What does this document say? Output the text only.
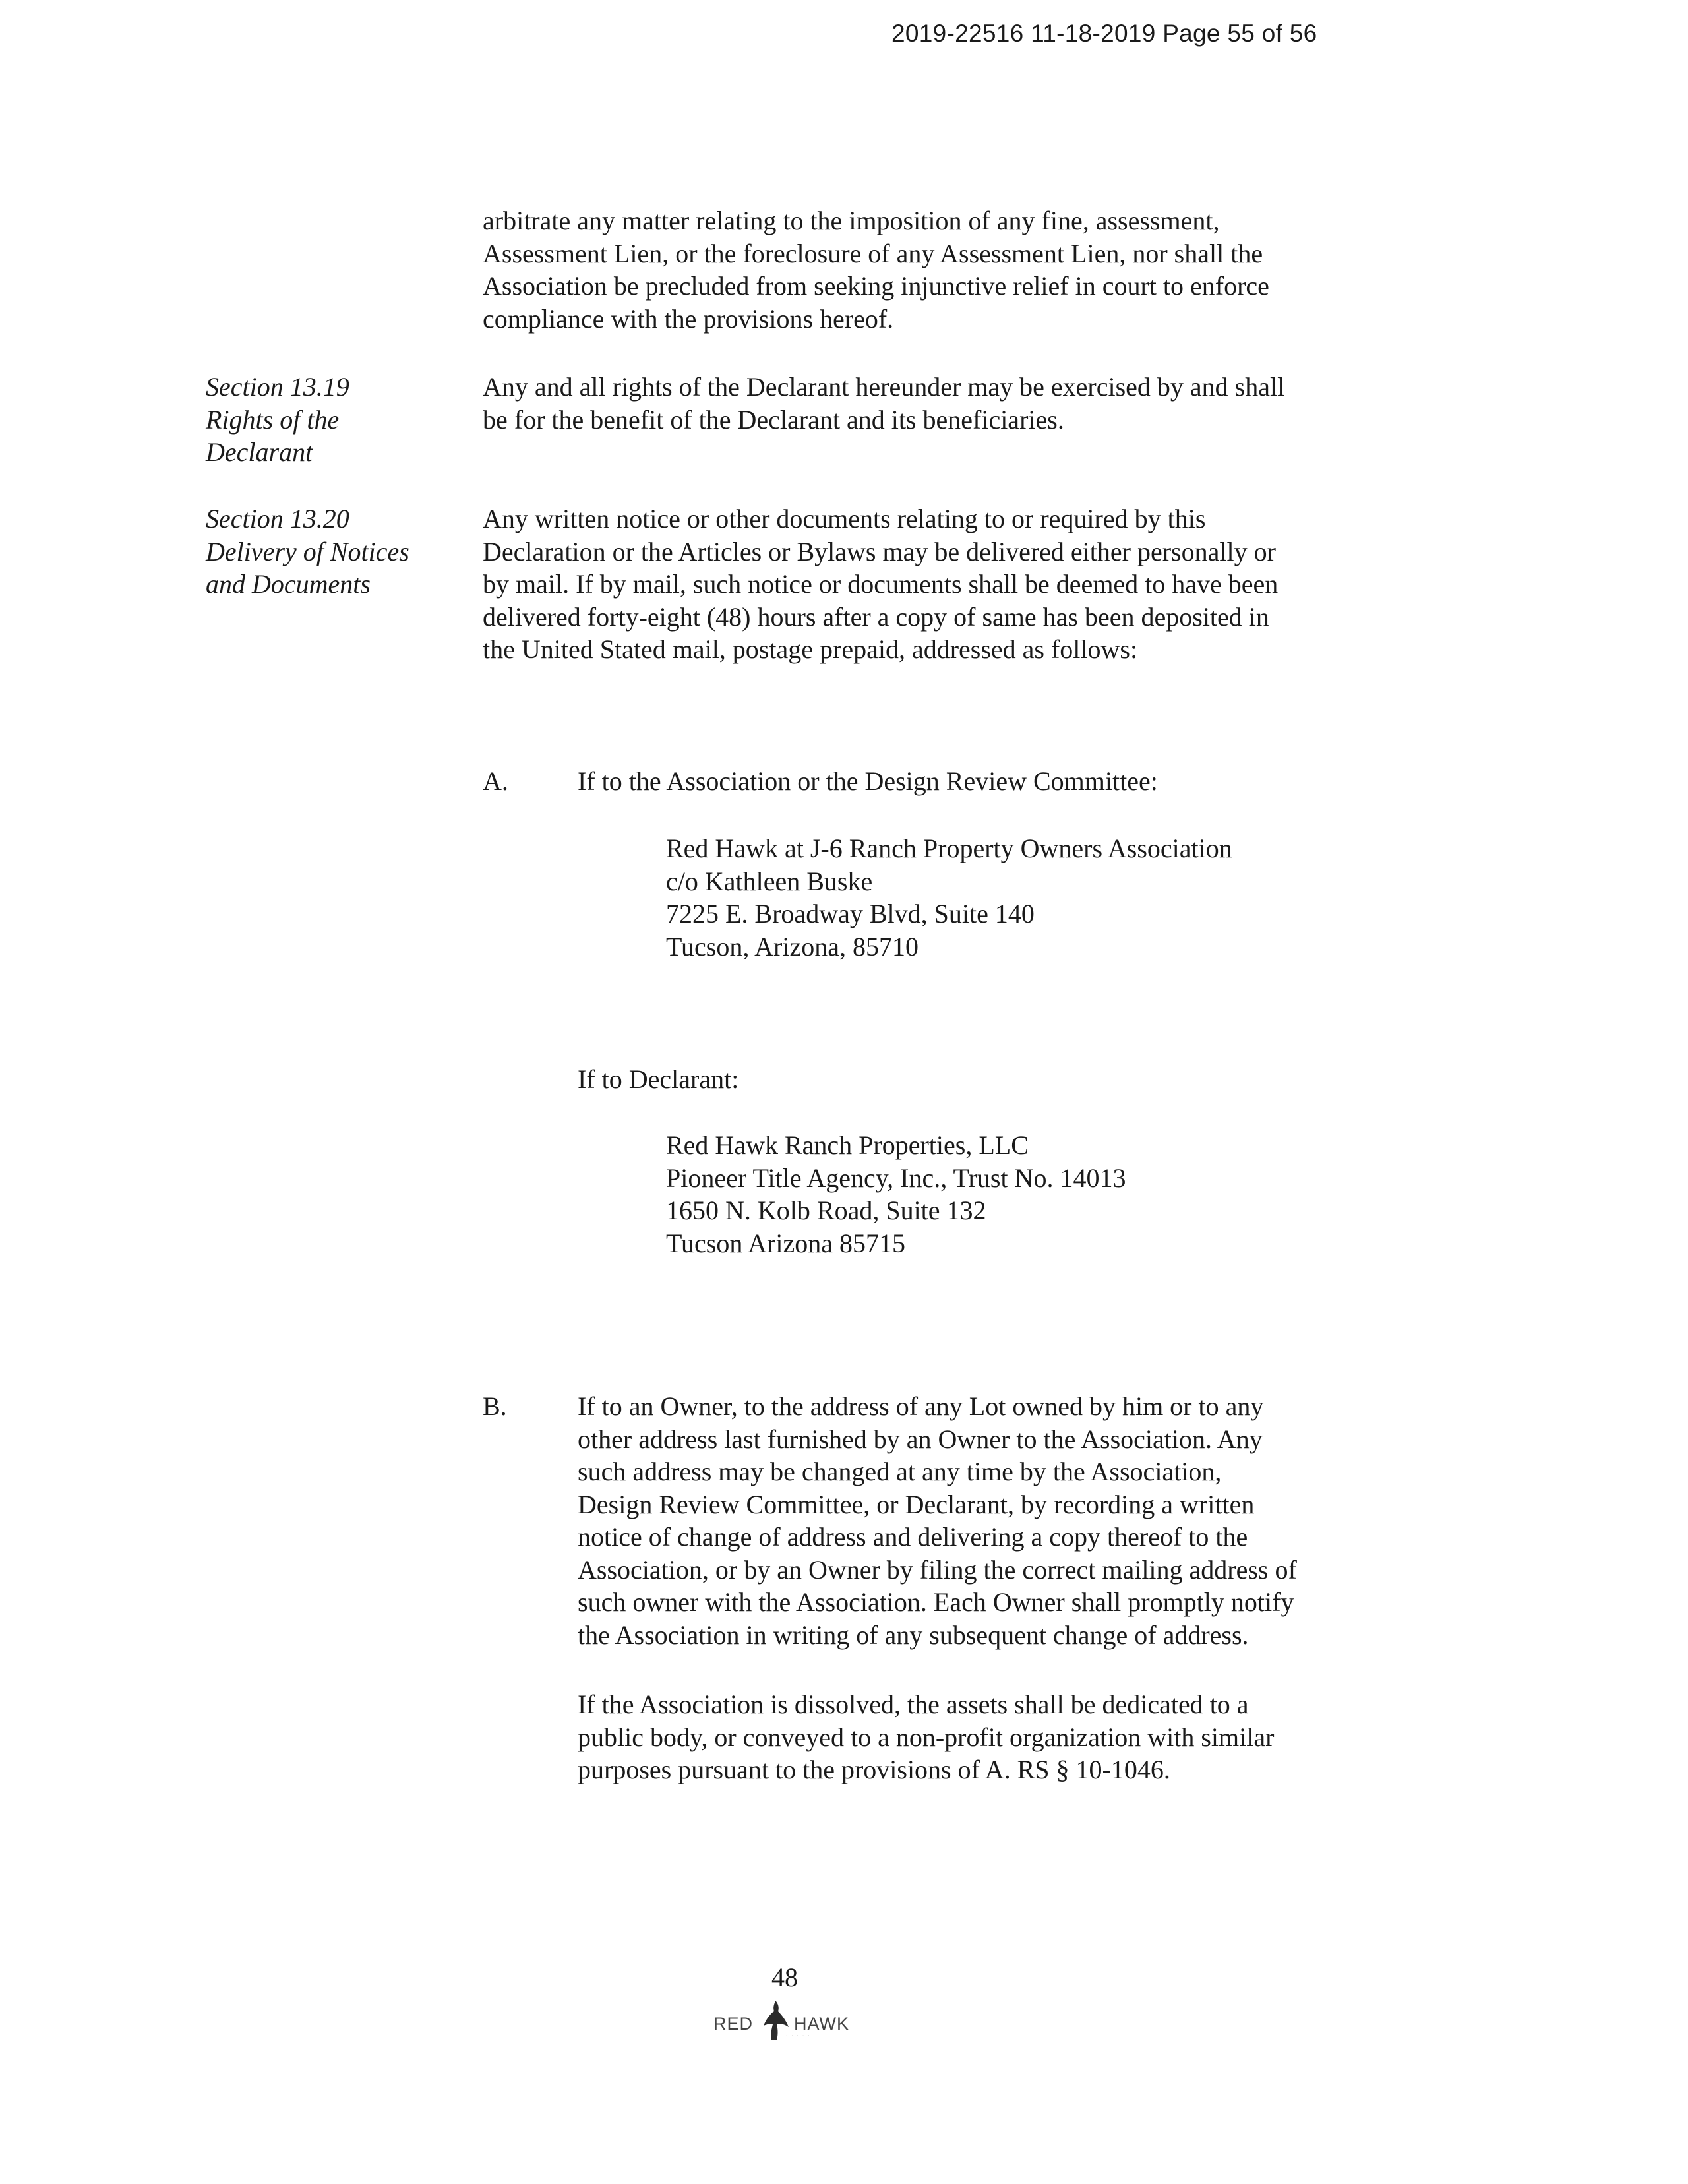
2019-22516 11-18-2019 Page 55 of 56
arbitrate any matter relating to the imposition of any fine, assessment,
Assessment Lien, or the foreclosure of any Assessment Lien, nor shall the
Association be precluded from seeking injunctive relief in court to enforce
compliance with the provisions hereof.
Section 13.19
Rights of the
Declarant
Any and all rights of the Declarant hereunder may be exercised by and shall
be for the benefit of the Declarant and its beneficiaries.
Section 13.20
Delivery of Notices
and Documents
Any written notice or other documents relating to or required by this
Declaration or the Articles or Bylaws may be delivered either personally or
by mail. If by mail, such notice or documents shall be deemed to have been
delivered forty-eight (48) hours after a copy of same has been deposited in
the United Stated mail, postage prepaid, addressed as follows:
A.	If to the Association or the Design Review Committee:
Red Hawk at J-6 Ranch Property Owners Association
c/o Kathleen Buske
7225 E. Broadway Blvd, Suite 140
Tucson, Arizona, 85710
If to Declarant:
Red Hawk Ranch Properties, LLC
Pioneer Title Agency, Inc., Trust No. 14013
1650 N. Kolb Road, Suite 132
Tucson Arizona 85715
B.	If to an Owner, to the address of any Lot owned by him or to any
other address last furnished by an Owner to the Association. Any
such address may be changed at any time by the Association,
Design Review Committee, or Declarant, by recording a written
notice of change of address and delivering a copy thereof to the
Association, or by an Owner by filing the correct mailing address of
such owner with the Association. Each Owner shall promptly notify
the Association in writing of any subsequent change of address.
If the Association is dissolved, the assets shall be dedicated to a
public body, or conveyed to a non-profit organization with similar
purposes pursuant to the provisions of A. RS § 10-1046.
48
RED HAWK
· · · · ·
